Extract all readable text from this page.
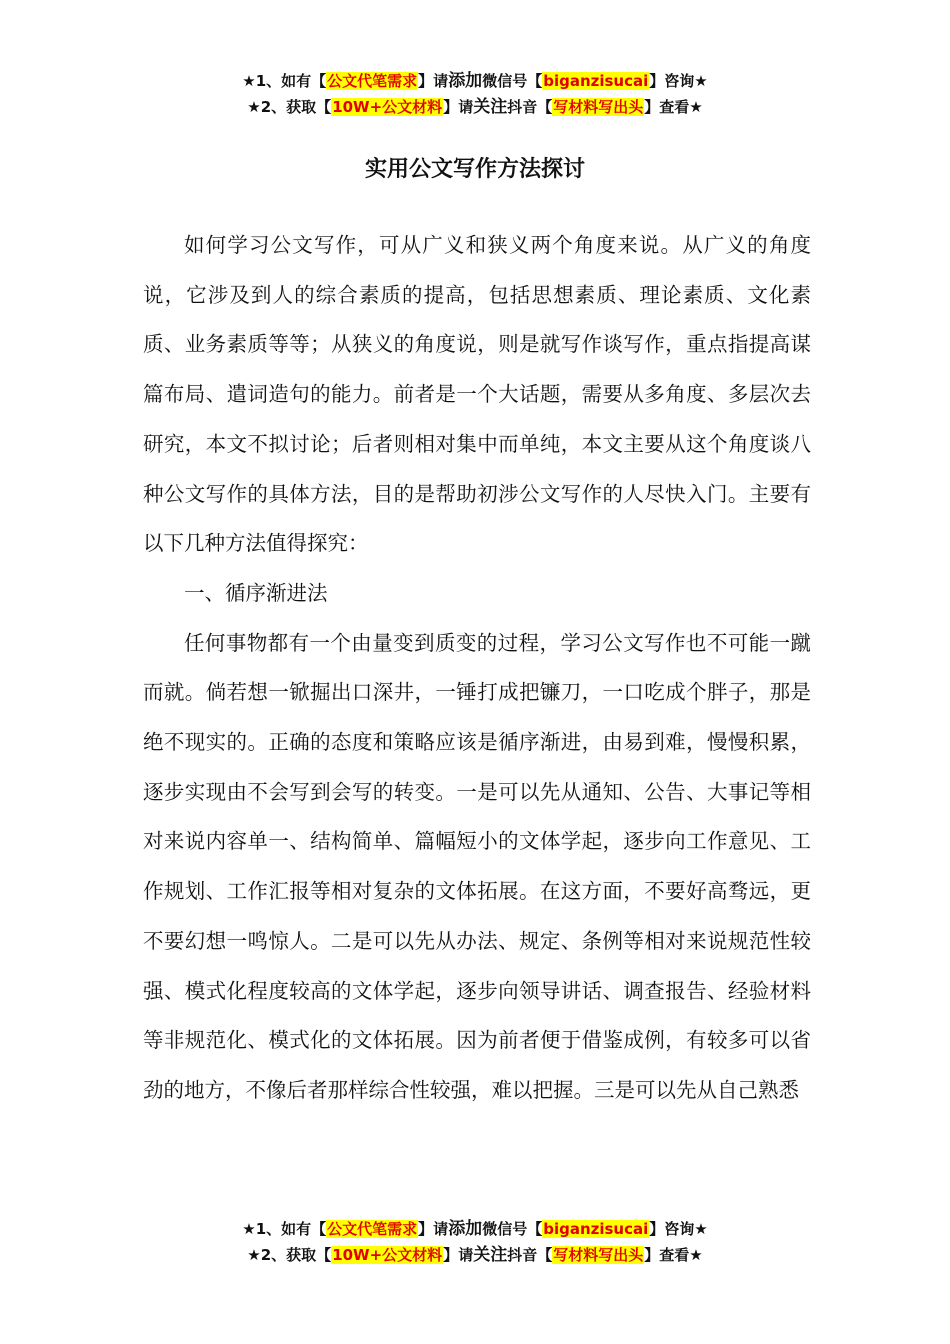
★1、如有【公文代笔需求】请添加微信号【biganzisucai】咨询★
★2、获取【10W+公文材料】请关注抖音【写材料写出头】查看★
实用公文写作方法探讨

如何学习公文写作，可从广义和狭义两个角度来说。从广义的角度说，它涉及到人的综合素质的提高，包括思想素质、理论素质、文化素质、业务素质等等；从狭义的角度说，则是就写作谈写作，重点指提高谋篇布局、遣词造句的能力。前者是一个大话题，需要从多角度、多层次去研究，本文不拟讨论；后者则相对集中而单纯，本文主要从这个角度谈八种公文写作的具体方法，目的是帮助初涉公文写作的人尽快入门。主要有以下几种方法值得探究：

一、循序渐进法

任何事物都有一个由量变到质变的过程，学习公文写作也不可能一蹴而就。倘若想一锨掘出口深井，一锤打成把镰刀，一口吃成个胖子，那是绝不现实的。正确的态度和策略应该是循序渐进，由易到难，慢慢积累，逐步实现由不会写到会写的转变。一是可以先从通知、公告、大事记等相对来说内容单一、结构简单、篇幅短小的文体学起，逐步向工作意见、工作规划、工作汇报等相对复杂的文体拓展。在这方面，不要好高骛远，更不要幻想一鸣惊人。二是可以先从办法、规定、条例等相对来说规范性较强、模式化程度较高的文体学起，逐步向领导讲话、调查报告、经验材料等非规范化、模式化的文体拓展。因为前者便于借鉴成例，有较多可以省劲的地方，不像后者那样综合性较强，难以把握。三是可以先从自己熟悉

★1、如有【公文代笔需求】请添加微信号【biganzisucai】咨询★
★2、获取【10W+公文材料】请关注抖音【写材料写出头】查看★
